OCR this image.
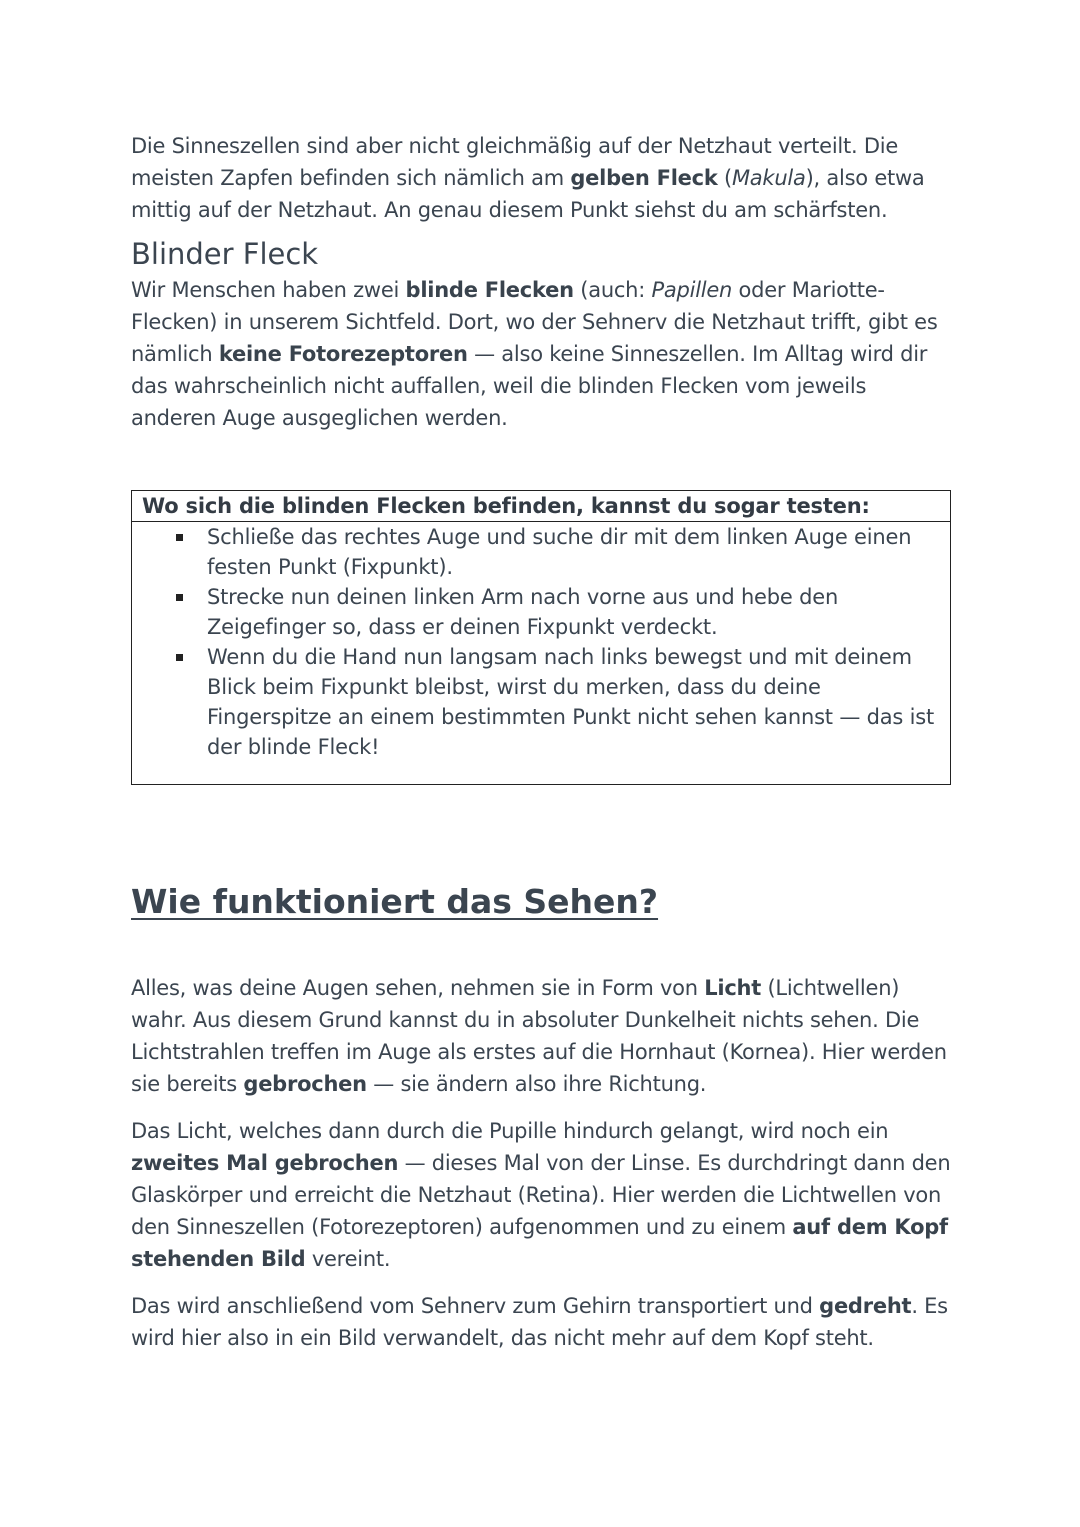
Die Sinneszellen sind aber nicht gleichmäßig auf der Netzhaut verteilt. Die meisten Zapfen befinden sich nämlich am gelben Fleck (Makula), also etwa mittig auf der Netzhaut. An genau diesem Punkt siehst du am schärfsten.

Blinder Fleck

Wir Menschen haben zwei blinde Flecken (auch: Papillen oder Mariotte-Flecken) in unserem Sichtfeld. Dort, wo der Sehnerv die Netzhaut trifft, gibt es nämlich keine Fotorezeptoren — also keine Sinneszellen. Im Alltag wird dir das wahrscheinlich nicht auffallen, weil die blinden Flecken vom jeweils anderen Auge ausgeglichen werden.

Wo sich die blinden Flecken befinden, kannst du sogar testen:
Schließe das rechtes Auge und suche dir mit dem linken Auge einen festen Punkt (Fixpunkt).
Strecke nun deinen linken Arm nach vorne aus und hebe den Zeigefinger so, dass er deinen Fixpunkt verdeckt.
Wenn du die Hand nun langsam nach links bewegst und mit deinem Blick beim Fixpunkt bleibst, wirst du merken, dass du deine Fingerspitze an einem bestimmten Punkt nicht sehen kannst — das ist der blinde Fleck!
Wie funktioniert das Sehen?

Alles, was deine Augen sehen, nehmen sie in Form von Licht (Lichtwellen) wahr. Aus diesem Grund kannst du in absoluter Dunkelheit nichts sehen. Die Lichtstrahlen treffen im Auge als erstes auf die Hornhaut (Kornea). Hier werden sie bereits gebrochen — sie ändern also ihre Richtung.

Das Licht, welches dann durch die Pupille hindurch gelangt, wird noch ein zweites Mal gebrochen — dieses Mal von der Linse. Es durchdringt dann den Glaskörper und erreicht die Netzhaut (Retina). Hier werden die Lichtwellen von den Sinneszellen (Fotorezeptoren) aufgenommen und zu einem auf dem Kopf stehenden Bild vereint.

Das wird anschließend vom Sehnerv zum Gehirn transportiert und gedreht. Es wird hier also in ein Bild verwandelt, das nicht mehr auf dem Kopf steht.
